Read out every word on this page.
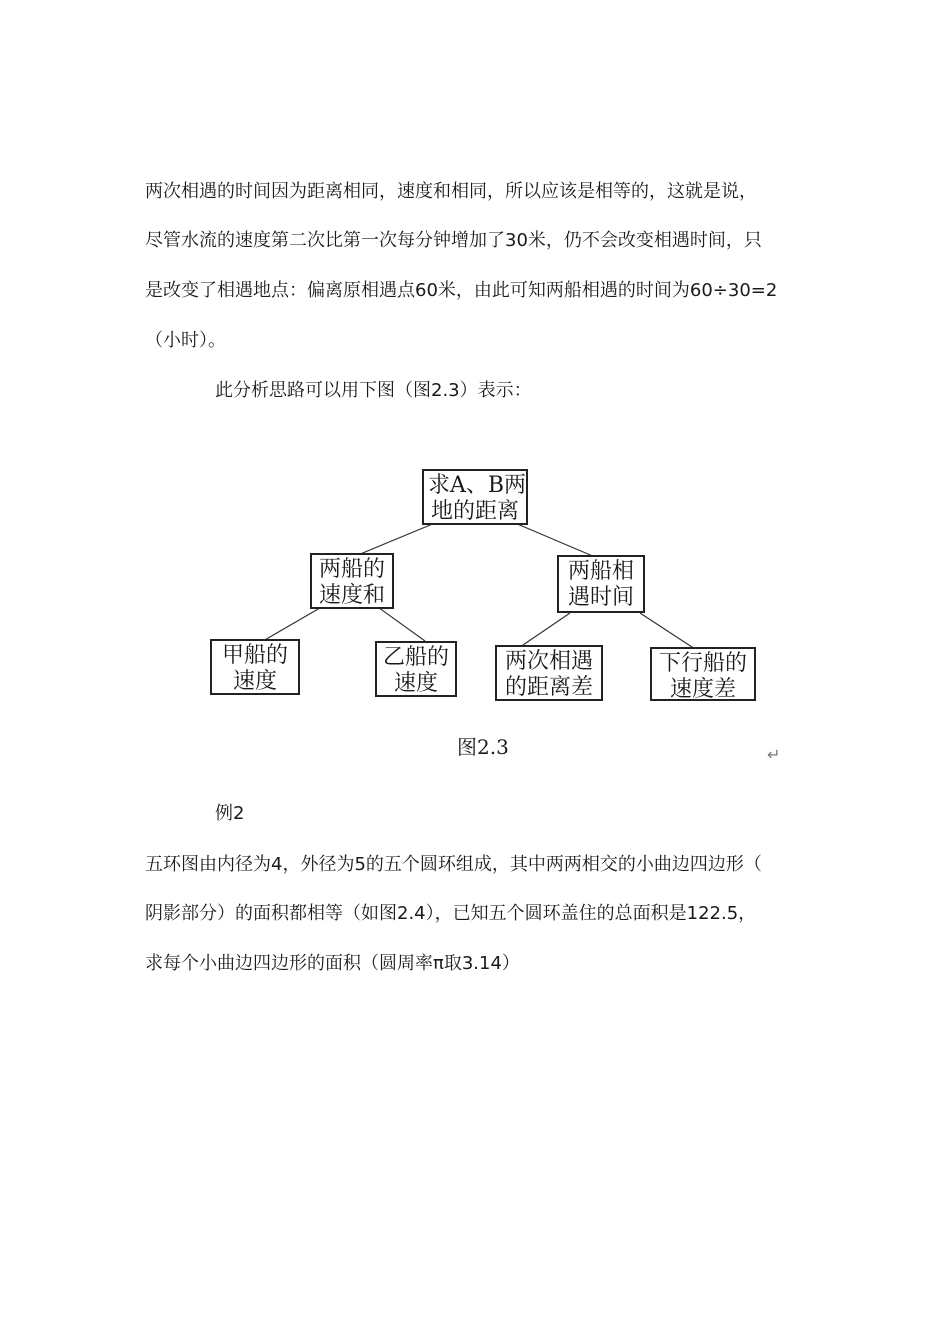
两次相遇的时间因为距离相同，速度和相同，所以应该是相等的，这就是说，
尽管水流的速度第二次比第一次每分钟增加了30米，仍不会改变相遇时间，只
是改变了相遇地点：偏离原相遇点60米，由此可知两船相遇的时间为60÷30=2
（小时）。
此分析思路可以用下图（图2.3）表示：
求A、B两
地的距离
两船的
速度和
两船相
遇时间
甲船的
速度
乙船的
速度
两次相遇
的距离差
下行船的
速度差
图2.3	↵
例2
五环图由内径为4，外径为5的五个圆环组成，其中两两相交的小曲边四边形（
阴影部分）的面积都相等（如图2.4），已知五个圆环盖住的总面积是122.5，
求每个小曲边四边形的面积（圆周率π取3.14）
